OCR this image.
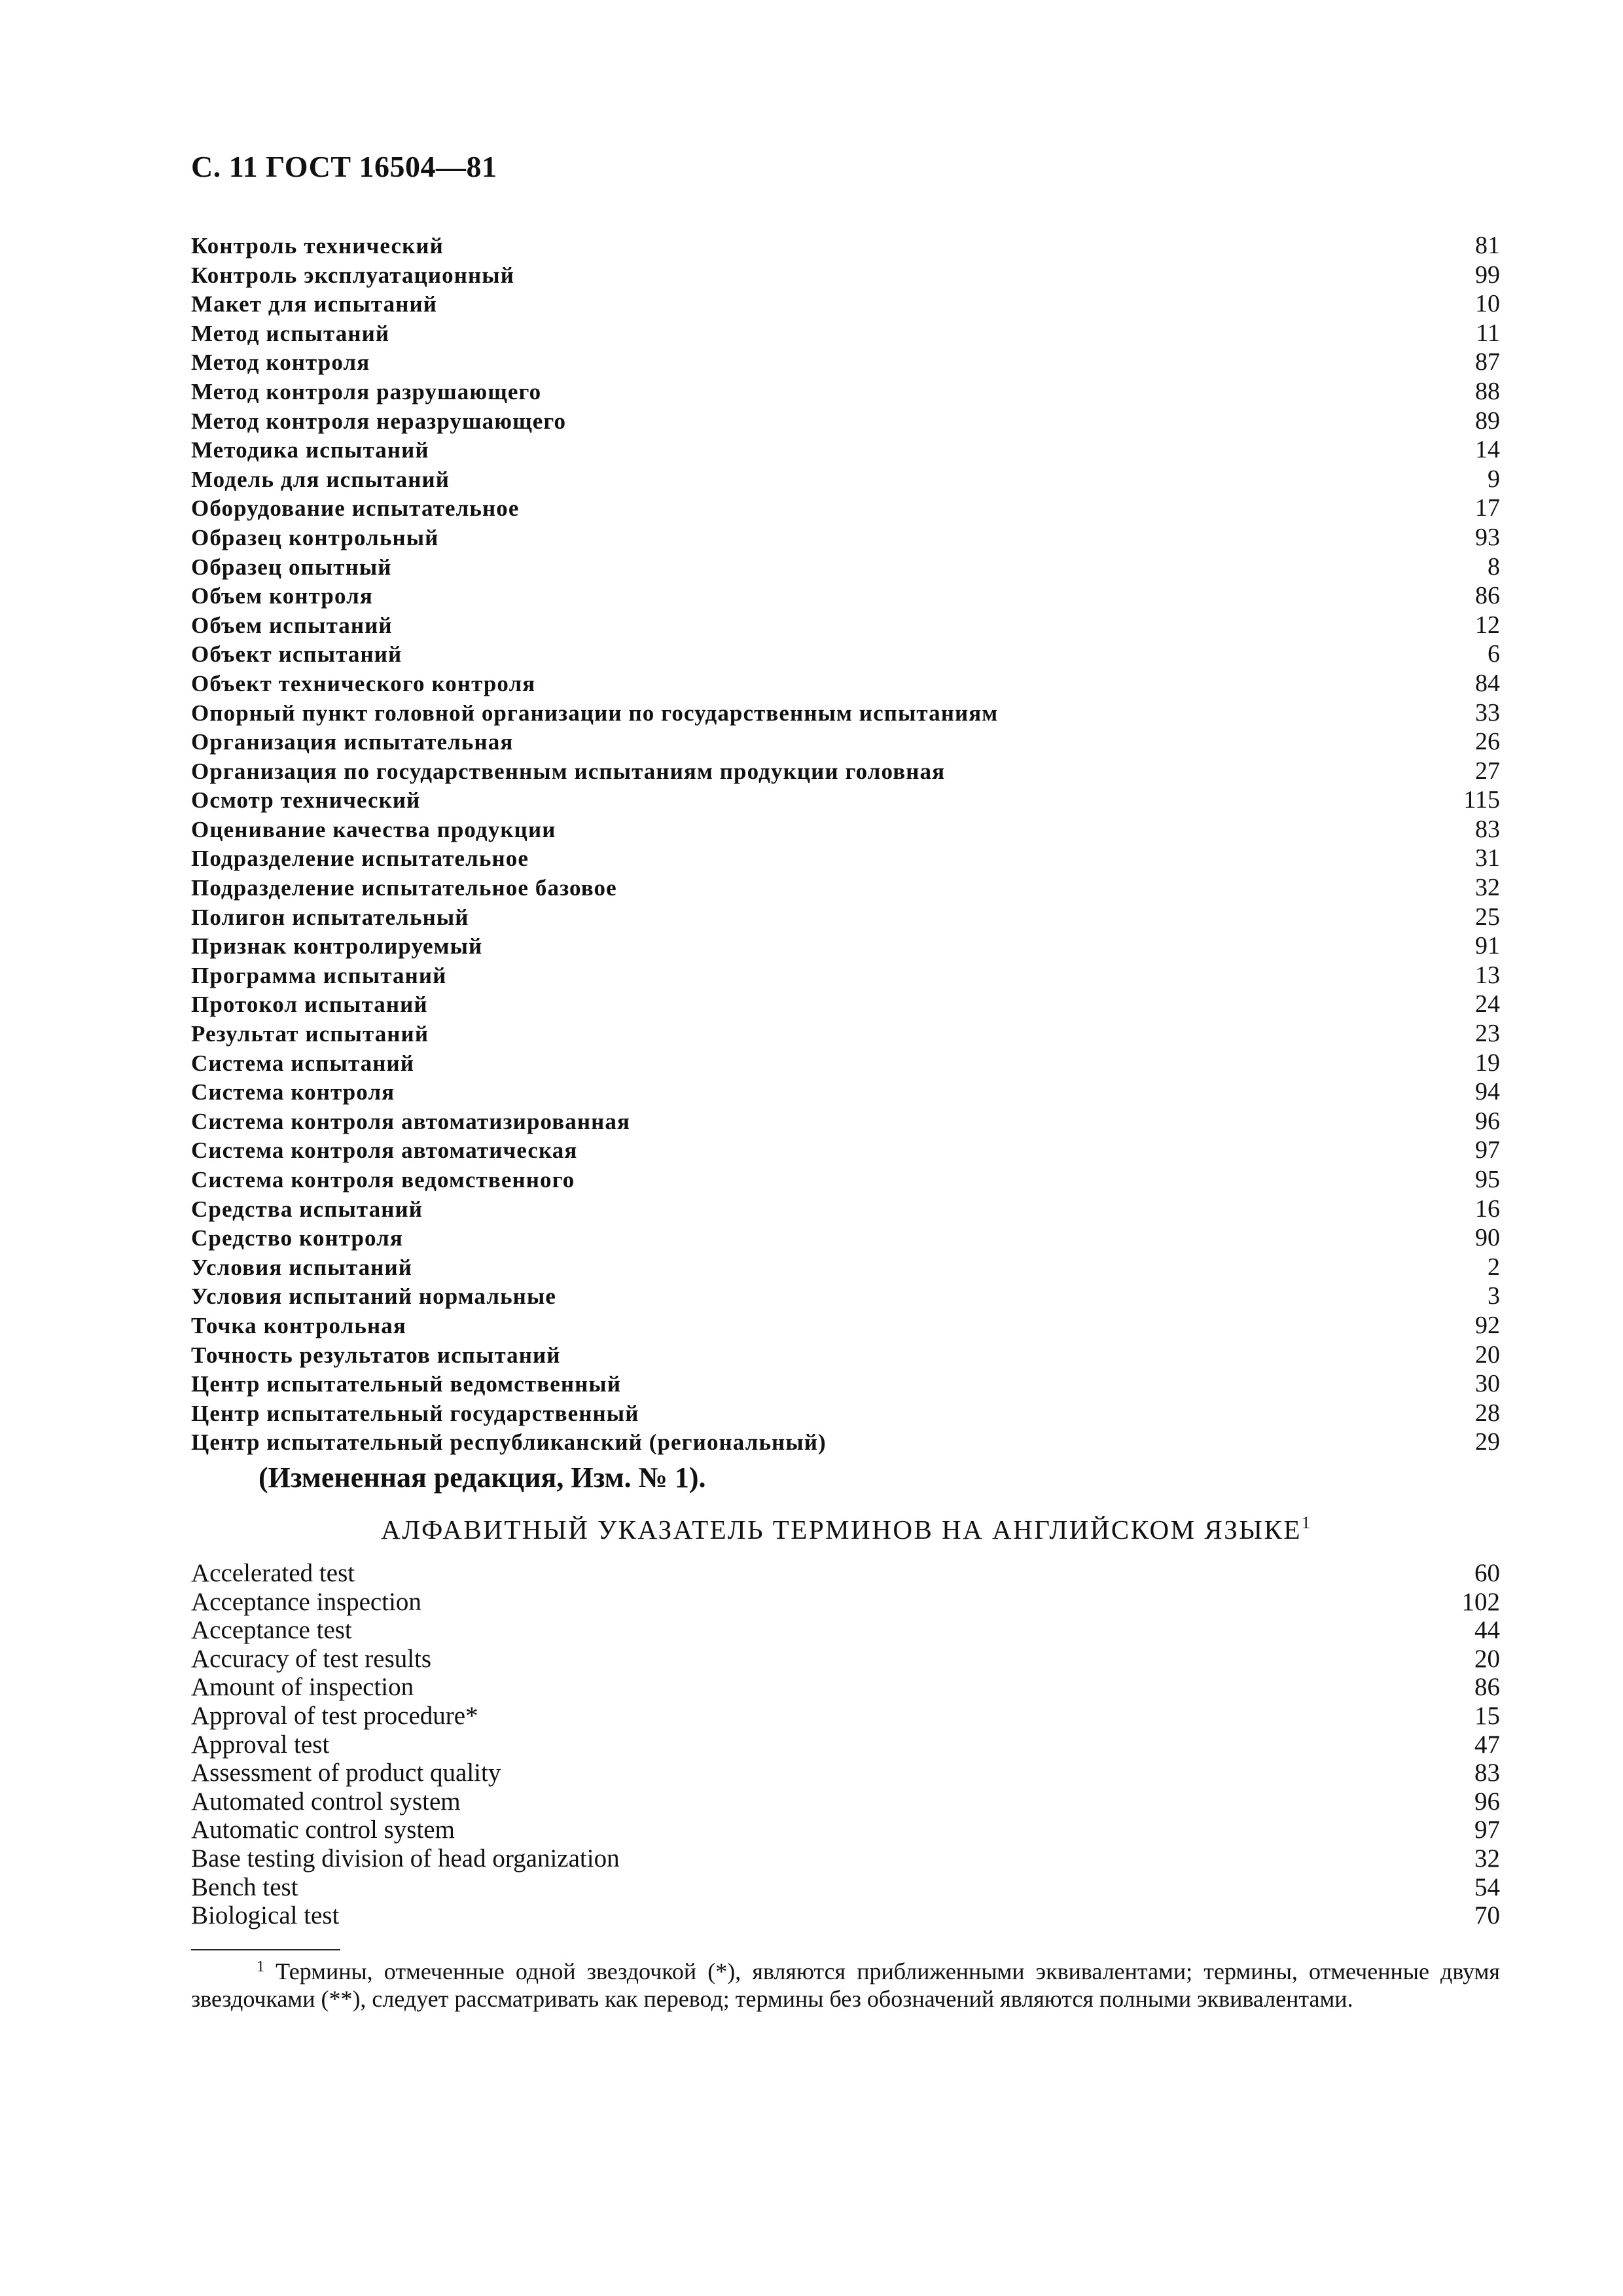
С. 11 ГОСТ 16504—81
Контроль технический	81
Контроль эксплуатационный	99
Макет для испытаний	10
Метод испытаний	11
Метод контроля	87
Метод контроля разрушающего	88
Метод контроля неразрушающего	89
Методика испытаний	14
Модель для испытаний	9
Оборудование испытательное	17
Образец контрольный	93
Образец опытный	8
Объем контроля	86
Объем испытаний	12
Объект испытаний	6
Объект технического контроля	84
Опорный пункт головной организации по государственным испытаниям	33
Организация испытательная	26
Организация по государственным испытаниям продукции головная	27
Осмотр технический	115
Оценивание качества продукции	83
Подразделение испытательное	31
Подразделение испытательное базовое	32
Полигон испытательный	25
Признак контролируемый	91
Программа испытаний	13
Протокол испытаний	24
Результат испытаний	23
Система испытаний	19
Система контроля	94
Система контроля автоматизированная	96
Система контроля автоматическая	97
Система контроля ведомственного	95
Средства испытаний	16
Средство контроля	90
Условия испытаний	2
Условия испытаний нормальные	3
Точка контрольная	92
Точность результатов испытаний	20
Центр испытательный ведомственный	30
Центр испытательный государственный	28
Центр испытательный республиканский (региональный)	29
(Измененная редакция, Изм. № 1).
АЛФАВИТНЫЙ УКАЗАТЕЛЬ ТЕРМИНОВ НА АНГЛИЙСКОМ ЯЗЫКЕ$^1$
Accelerated test	60
Acceptance inspection	102
Acceptance test	44
Accuracy of test results	20
Amount of inspection	86
Approval of test procedure*	15
Approval test	47
Assessment of product quality	83
Automated control system	96
Automatic control system	97
Base testing division of head organization	32
Bench test	54
Biological test	70
$^1$ Термины, отмеченные одной звездочкой (*), являются приближенными эквивалентами; термины, отмеченные двумя звездочками (**), следует рассматривать как перевод; термины без обозначений являются полными эквивалентами.
